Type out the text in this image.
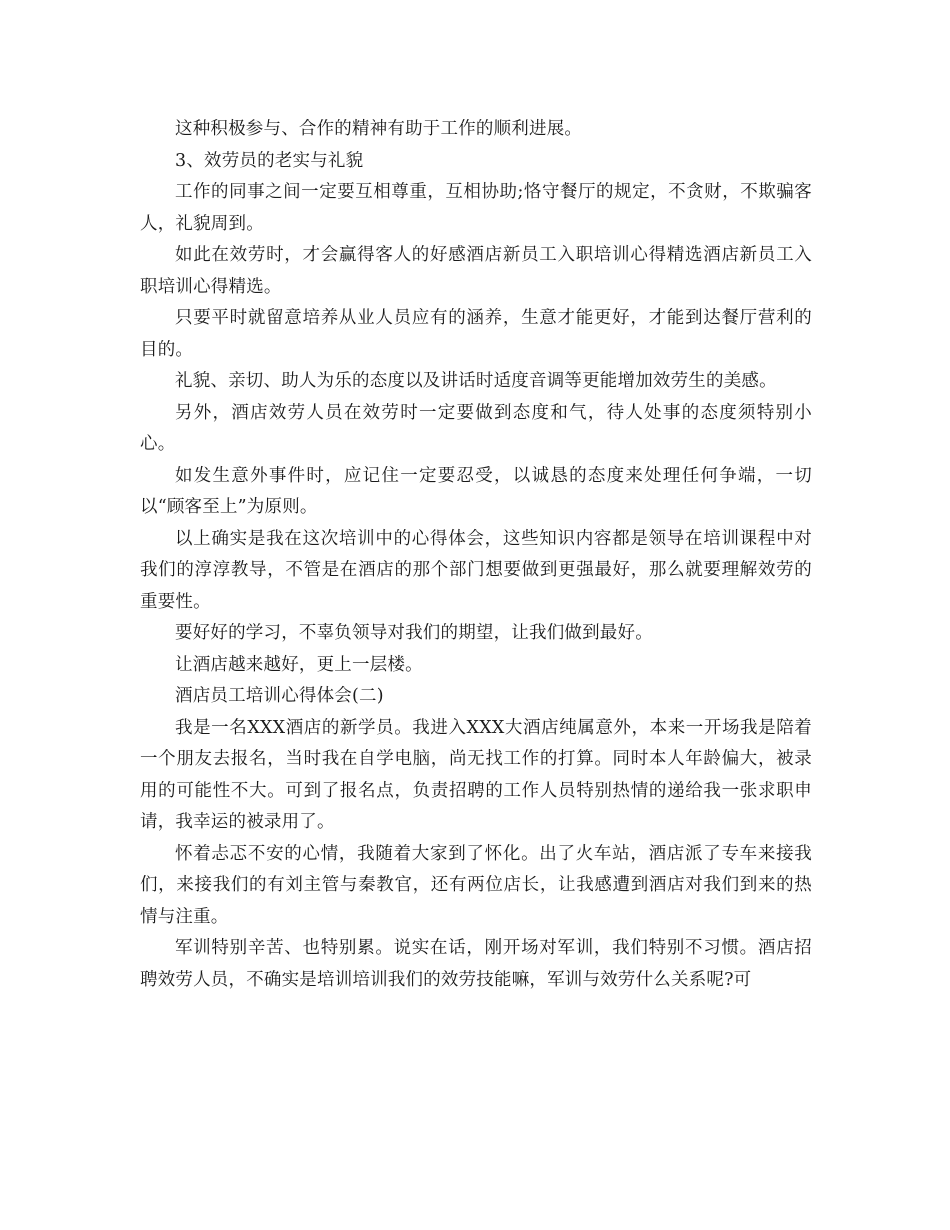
这种积极参与、合作的精神有助于工作的顺利进展。

3、效劳员的老实与礼貌

工作的同事之间一定要互相尊重，互相协助;恪守餐厅的规定，不贪财，不欺骗客人，礼貌周到。

如此在效劳时，才会赢得客人的好感酒店新员工入职培训心得精选酒店新员工入职培训心得精选。

只要平时就留意培养从业人员应有的涵养，生意才能更好，才能到达餐厅营利的目的。

礼貌、亲切、助人为乐的态度以及讲话时适度音调等更能增加效劳生的美感。

另外，酒店效劳人员在效劳时一定要做到态度和气，待人处事的态度须特别小心。

如发生意外事件时，应记住一定要忍受，以诚恳的态度来处理任何争端，一切以“顾客至上”为原则。

以上确实是我在这次培训中的心得体会，这些知识内容都是领导在培训课程中对我们的淳淳教导，不管是在酒店的那个部门想要做到更强最好，那么就要理解效劳的重要性。

要好好的学习，不辜负领导对我们的期望，让我们做到最好。

让酒店越来越好，更上一层楼。

酒店员工培训心得体会(二)

我是一名XXX酒店的新学员。我进入XXX大酒店纯属意外，本来一开场我是陪着一个朋友去报名，当时我在自学电脑，尚无找工作的打算。同时本人年龄偏大，被录用的可能性不大。可到了报名点，负责招聘的工作人员特别热情的递给我一张求职申请，我幸运的被录用了。

怀着忐忑不安的心情，我随着大家到了怀化。出了火车站，酒店派了专车来接我们，来接我们的有刘主管与秦教官，还有两位店长，让我感遭到酒店对我们到来的热情与注重。

军训特别辛苦、也特别累。说实在话，刚开场对军训，我们特别不习惯。酒店招聘效劳人员，不确实是培训培训我们的效劳技能嘛，军训与效劳什么关系呢?可
